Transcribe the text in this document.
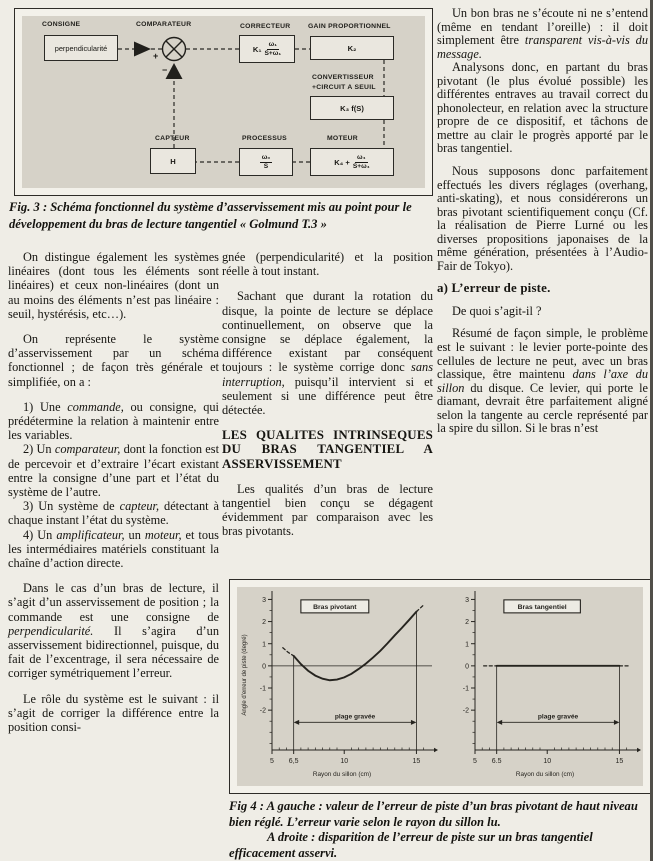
CONSIGNE	COMPARATEUR	CORRECTEUR	GAIN PROPORTIONNEL
CONVERTISSEUR
+CIRCUIT A SEUIL
CAPTEUR	PROCESSUS	MOTEUR
+
−
perpendicularité	$K_1 \frac{\text{ω₁}}{\text{S+ω₁}}$	K₂
K₃ f(S)
H	$\frac{\text{ω₀}}{S}$	$K_4 + \frac{\text{ω₄}}{\text{S+ω₄}}$

Fig. 3 : Schéma fonctionnel du système d’asservissement mis au point pour le développement du bras de lecture tangentiel « Golmund T.3 »

On distingue également les systèmes linéaires (dont tous les éléments sont linéaires) et ceux non-linéaires (dont un au moins des éléments n’est pas linéaire : seuil, hystérésis, etc…).

On représente le système d’asservissement par un schéma fonctionnel ; de façon très générale et simplifiée, on a :

1) Une commande, ou consigne, qui prédétermine la relation à maintenir entre les variables.

2) Un comparateur, dont la fonction est de percevoir et d’extraire l’écart existant entre la consigne d’une part et l’état du système de l’autre.

3) Un système de capteur, détectant à chaque instant l’état du système.

4) Un amplificateur, un moteur, et tous les intermédiaires matériels constituant la chaîne d’action directe.

Dans le cas d’un bras de lecture, il s’agit d’un asservissement de position ; la commande est une consigne de perpendicularité. Il s’agira d’un asservissement bidirectionnel, puisque, du fait de l’excentrage, il sera nécessaire de corriger symétriquement l’erreur.

Le rôle du système est le suivant : il s’agit de corriger la différence entre la position consi-

gnée (perpendicularité) et la position réelle à tout instant.

Sachant que durant la rotation du disque, la pointe de lecture se déplace continuellement, on observe que la consigne se déplace également, la différence existant par conséquent toujours : le système corrige donc sans interruption, puisqu’il intervient si et seulement si une différence peut être détectée.

LES QUALITES INTRINSEQUES DU BRAS TANGENTIEL A ASSERVISSEMENT

Les qualités d’un bras de lecture tangentiel bien conçu se dégagent évidemment par comparaison avec les bras pivotants.

Un bon bras ne s’écoute ni ne s’entend (même en tendant l’oreille) : il doit simplement être transparent vis-à-vis du message.

Analysons donc, en partant du bras pivotant (le plus évolué possible) les différentes entraves au travail correct du phonolecteur, en relation avec la structure propre de ce dispositif, et tâchons de mettre au clair le progrès apporté par le bras tangentiel.

Nous supposons donc parfaitement effectués les divers réglages (overhang, anti-skating), et nous considérerons un bras pivotant scientifiquement conçu (Cf. la réalisation de Pierre Lurné ou les diverses propositions japonaises de la même génération, présentées à l’Audio-Fair de Tokyo).

a) L’erreur de piste.

De quoi s’agit-il ?

Résumé de façon simple, le problème est le suivant : le levier porte-pointe des cellules de lecture ne peut, avec un bras classique, être maintenu dans l’axe du sillon du disque. Ce levier, qui porte le diamant, devrait être parfaitement aligné selon la tangente au cercle représenté par la spire du sillon. Si le bras n’est

3
2
1
0
-1
-2
5 6,5	10	15
plage gravée
Bras pivotant
Angle d'erreur de piste (degré)
Rayon du sillon (cm)
3
2
1
0
-1
-2
5 6.5	10	15
plage gravée
Bras tangentiel
Rayon du sillon (cm)

Fig 4 : A gauche : valeur de l’erreur de piste d’un bras pivotant de haut niveau bien réglé. L’erreur varie selon le rayon du sillon lu.

A droite : disparition de l’erreur de piste sur un bras tangentiel efficacement asservi.
